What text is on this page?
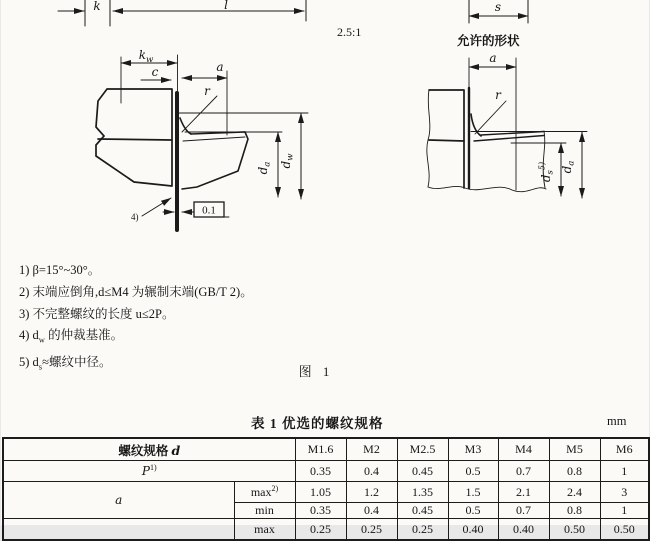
k	l	s
2.5:1
允许的形状
$k_w$
c	a
r
$d_a$ $d_w$
0.1
4)
a
r
$d_s^{5)}$	$d_a$
1) β=15°~30°。
2) 末端应倒角,d≤M4 为辗制末端(GB/T 2)。
3) 不完整螺纹的长度 u≤2P。
4) $d_w$ 的仲裁基准。
5) $d_s\approx$螺纹中径。
图 1
表 1 优选的螺纹规格	mm
螺纹规格 d		M1.6	M2	M2.5	M3	M4	M5	M6
$P^{1)}$		0.35	0.4	0.45	0.5	0.7	0.8	1
a	$\max^{2)}$	1.05	1.2	1.35	1.5	2.1	2.4	3
	min	0.35	0.4	0.45	0.5	0.7	0.8	1
	max	0.25	0.25	0.25	0.40	0.40	0.50	0.50
